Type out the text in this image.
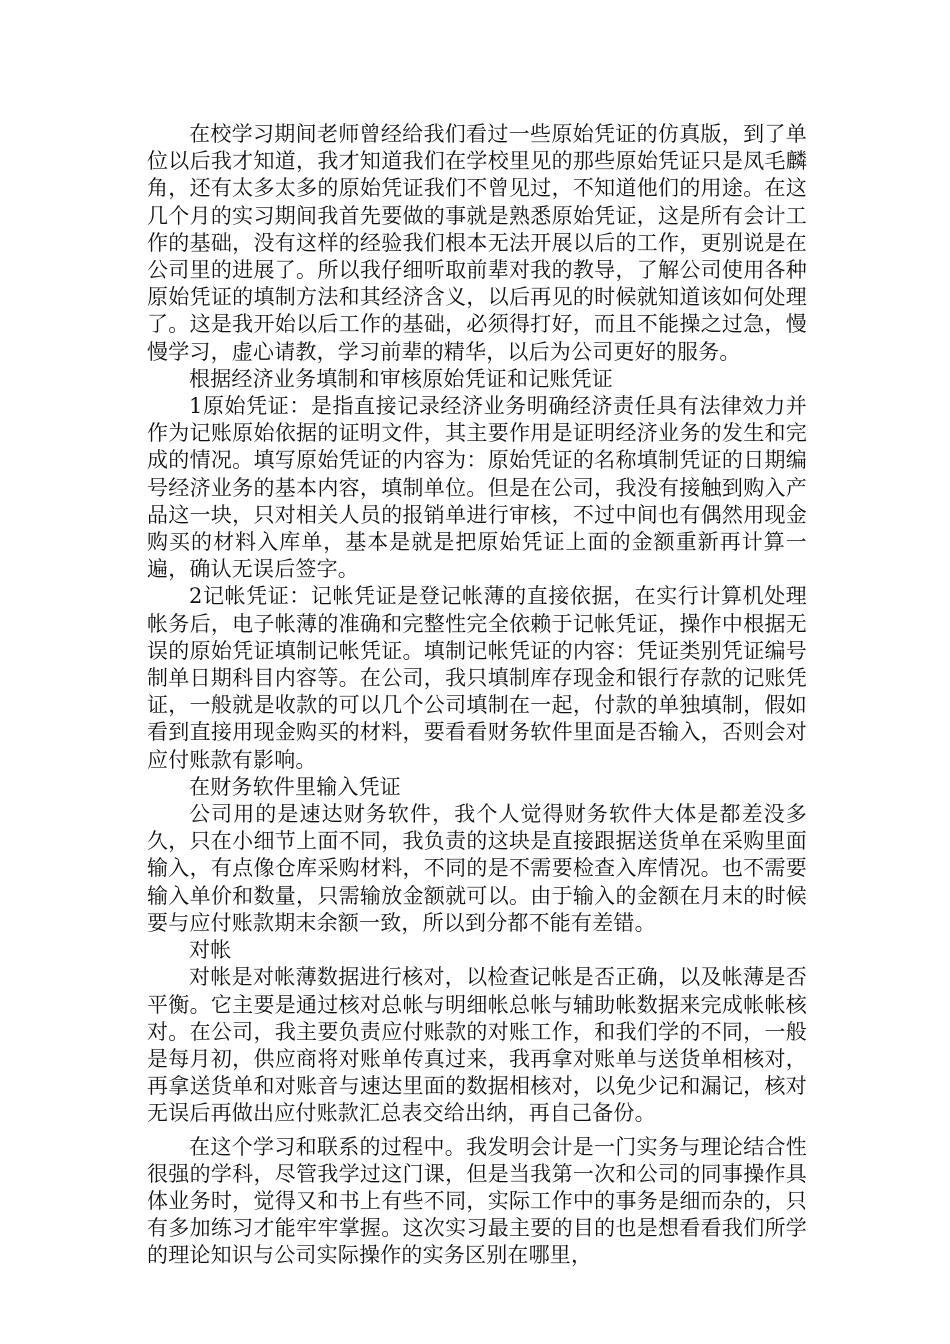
在校学习期间老师曾经给我们看过一些原始凭证的仿真版，到了单位以后我才知道，我才知道我们在学校里见的那些原始凭证只是凤毛麟角，还有太多太多的原始凭证我们不曾见过，不知道他们的用途。在这几个月的实习期间我首先要做的事就是熟悉原始凭证，这是所有会计工作的基础，没有这样的经验我们根本无法开展以后的工作，更别说是在公司里的进展了。所以我仔细听取前辈对我的教导，了解公司使用各种原始凭证的填制方法和其经济含义，以后再见的时候就知道该如何处理了。这是我开始以后工作的基础，必须得打好，而且不能操之过急，慢慢学习，虚心请教，学习前辈的精华，以后为公司更好的服务。

根据经济业务填制和审核原始凭证和记账凭证

1原始凭证：是指直接记录经济业务明确经济责任具有法律效力并作为记账原始依据的证明文件，其主要作用是证明经济业务的发生和完成的情况。填写原始凭证的内容为：原始凭证的名称填制凭证的日期编号经济业务的基本内容，填制单位。但是在公司，我没有接触到购入产品这一块，只对相关人员的报销单进行审核，不过中间也有偶然用现金购买的材料入库单，基本是就是把原始凭证上面的金额重新再计算一遍，确认无误后签字。

2记帐凭证：记帐凭证是登记帐薄的直接依据，在实行计算机处理帐务后，电子帐薄的准确和完整性完全依赖于记帐凭证，操作中根据无误的原始凭证填制记帐凭证。填制记帐凭证的内容：凭证类别凭证编号制单日期科目内容等。在公司，我只填制库存现金和银行存款的记账凭证，一般就是收款的可以几个公司填制在一起，付款的单独填制，假如看到直接用现金购买的材料，要看看财务软件里面是否输入，否则会对应付账款有影响。

在财务软件里输入凭证

公司用的是速达财务软件，我个人觉得财务软件大体是都差没多久，只在小细节上面不同，我负责的这块是直接跟据送货单在采购里面输入，有点像仓库采购材料，不同的是不需要检查入库情况。也不需要输入单价和数量，只需输放金额就可以。由于输入的金额在月末的时候要与应付账款期末余额一致，所以到分都不能有差错。

对帐

对帐是对帐薄数据进行核对，以检查记帐是否正确，以及帐薄是否平衡。它主要是通过核对总帐与明细帐总帐与辅助帐数据来完成帐帐核对。在公司，我主要负责应付账款的对账工作，和我们学的不同，一般是每月初，供应商将对账单传真过来，我再拿对账单与送货单相核对，再拿送货单和对账音与速达里面的数据相核对，以免少记和漏记，核对无误后再做出应付账款汇总表交给出纳，再自己备份。

在这个学习和联系的过程中。我发明会计是一门实务与理论结合性很强的学科，尽管我学过这门课，但是当我第一次和公司的同事操作具体业务时，觉得又和书上有些不同，实际工作中的事务是细而杂的，只有多加练习才能牢牢掌握。这次实习最主要的目的也是想看看我们所学的理论知识与公司实际操作的实务区别在哪里，
